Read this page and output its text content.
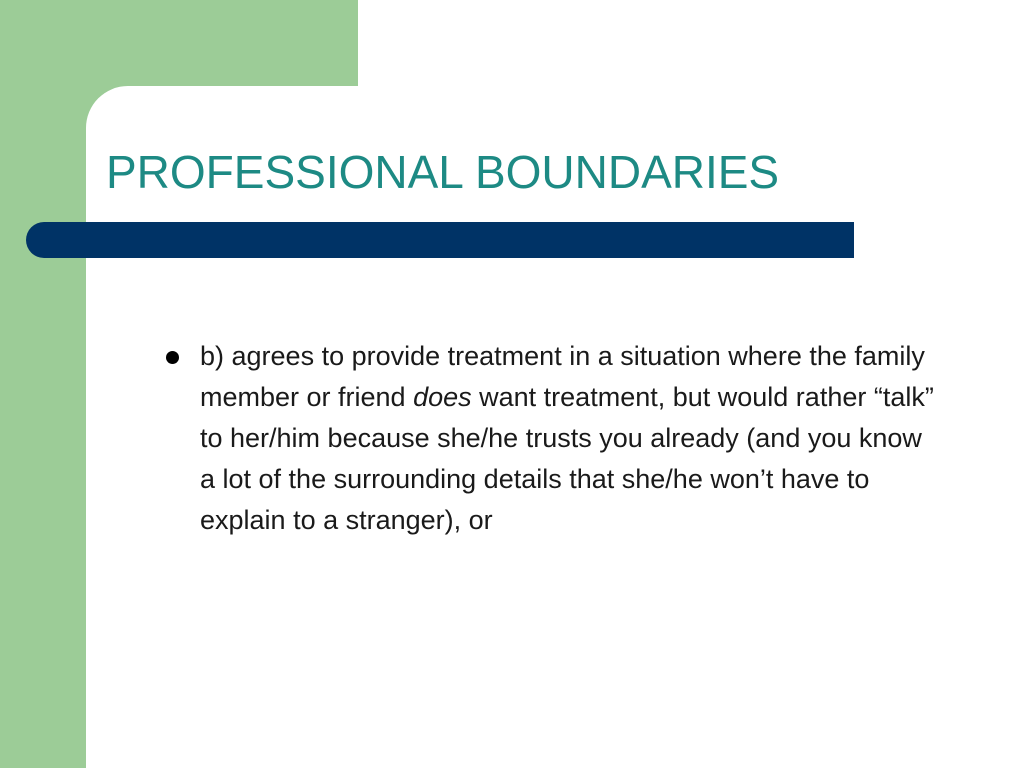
PROFESSIONAL BOUNDARIES
b) agrees to provide treatment in a situation where the family member or friend does want treatment, but would rather “talk” to her/him because she/he trusts you already (and you know a lot of the surrounding details that she/he won’t have to explain to a stranger), or
